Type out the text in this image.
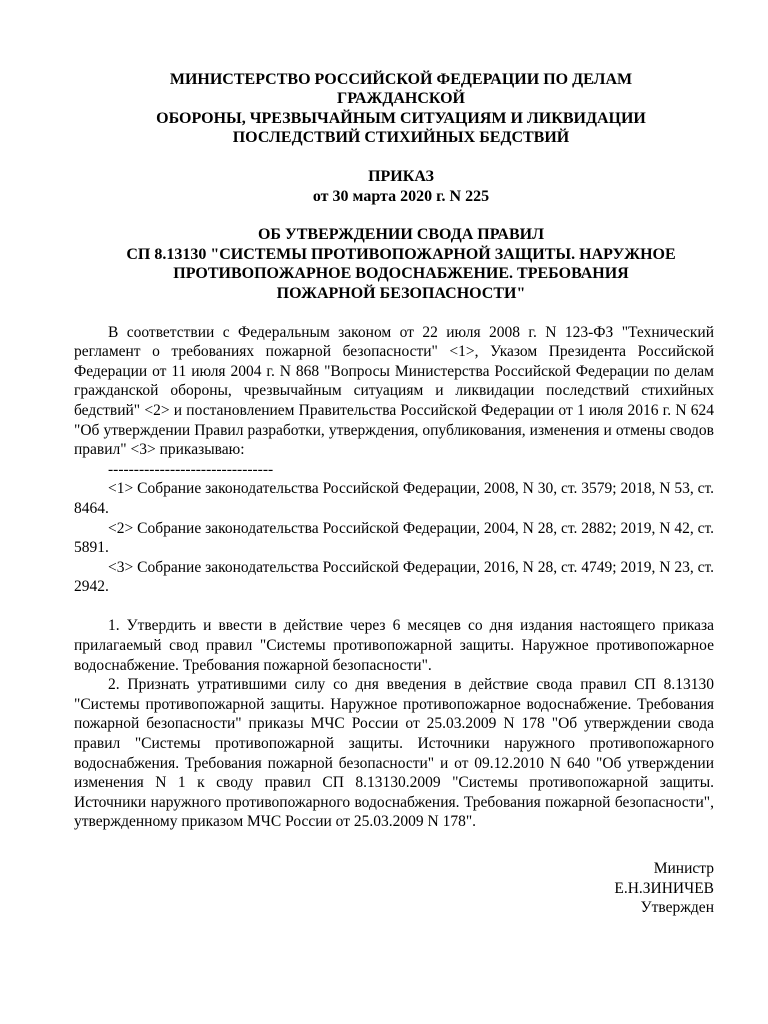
МИНИСТЕРСТВО РОССИЙСКОЙ ФЕДЕРАЦИИ ПО ДЕЛАМ
ГРАЖДАНСКОЙ
ОБОРОНЫ, ЧРЕЗВЫЧАЙНЫМ СИТУАЦИЯМ И ЛИКВИДАЦИИ
ПОСЛЕДСТВИЙ СТИХИЙНЫХ БЕДСТВИЙ
ПРИКАЗ
от 30 марта 2020 г. N 225
ОБ УТВЕРЖДЕНИИ СВОДА ПРАВИЛ
СП 8.13130 "СИСТЕМЫ ПРОТИВОПОЖАРНОЙ ЗАЩИТЫ. НАРУЖНОЕ
ПРОТИВОПОЖАРНОЕ ВОДОСНАБЖЕНИЕ. ТРЕБОВАНИЯ
ПОЖАРНОЙ БЕЗОПАСНОСТИ"

В соответствии с Федеральным законом от 22 июля 2008 г. N 123-ФЗ "Технический регламент о требованиях пожарной безопасности" <1>, Указом Президента Российской Федерации от 11 июля 2004 г. N 868 "Вопросы Министерства Российской Федерации по делам гражданской обороны, чрезвычайным ситуациям и ликвидации последствий стихийных бедствий" <2> и постановлением Правительства Российской Федерации от 1 июля 2016 г. N 624 "Об утверждении Правил разработки, утверждения, опубликования, изменения и отмены сводов правил" <3> приказываю:

--------------------------------

<1> Собрание законодательства Российской Федерации, 2008, N 30, ст. 3579; 2018, N 53, ст. 8464.

<2> Собрание законодательства Российской Федерации, 2004, N 28, ст. 2882; 2019, N 42, ст. 5891.

<3> Собрание законодательства Российской Федерации, 2016, N 28, ст. 4749; 2019, N 23, ст. 2942.

1. Утвердить и ввести в действие через 6 месяцев со дня издания настоящего приказа прилагаемый свод правил "Системы противопожарной защиты. Наружное противопожарное водоснабжение. Требования пожарной безопасности".

2. Признать утратившими силу со дня введения в действие свода правил СП 8.13130 "Системы противопожарной защиты. Наружное противопожарное водоснабжение. Требования пожарной безопасности" приказы МЧС России от 25.03.2009 N 178 "Об утверждении свода правил "Системы противопожарной защиты. Источники наружного противопожарного водоснабжения. Требования пожарной безопасности" и от 09.12.2010 N 640 "Об утверждении изменения N 1 к своду правил СП 8.13130.2009 "Системы противопожарной защиты. Источники наружного противопожарного водоснабжения. Требования пожарной безопасности", утвержденному приказом МЧС России от 25.03.2009 N 178".

Министр
Е.Н.ЗИНИЧЕВ
Утвержден
